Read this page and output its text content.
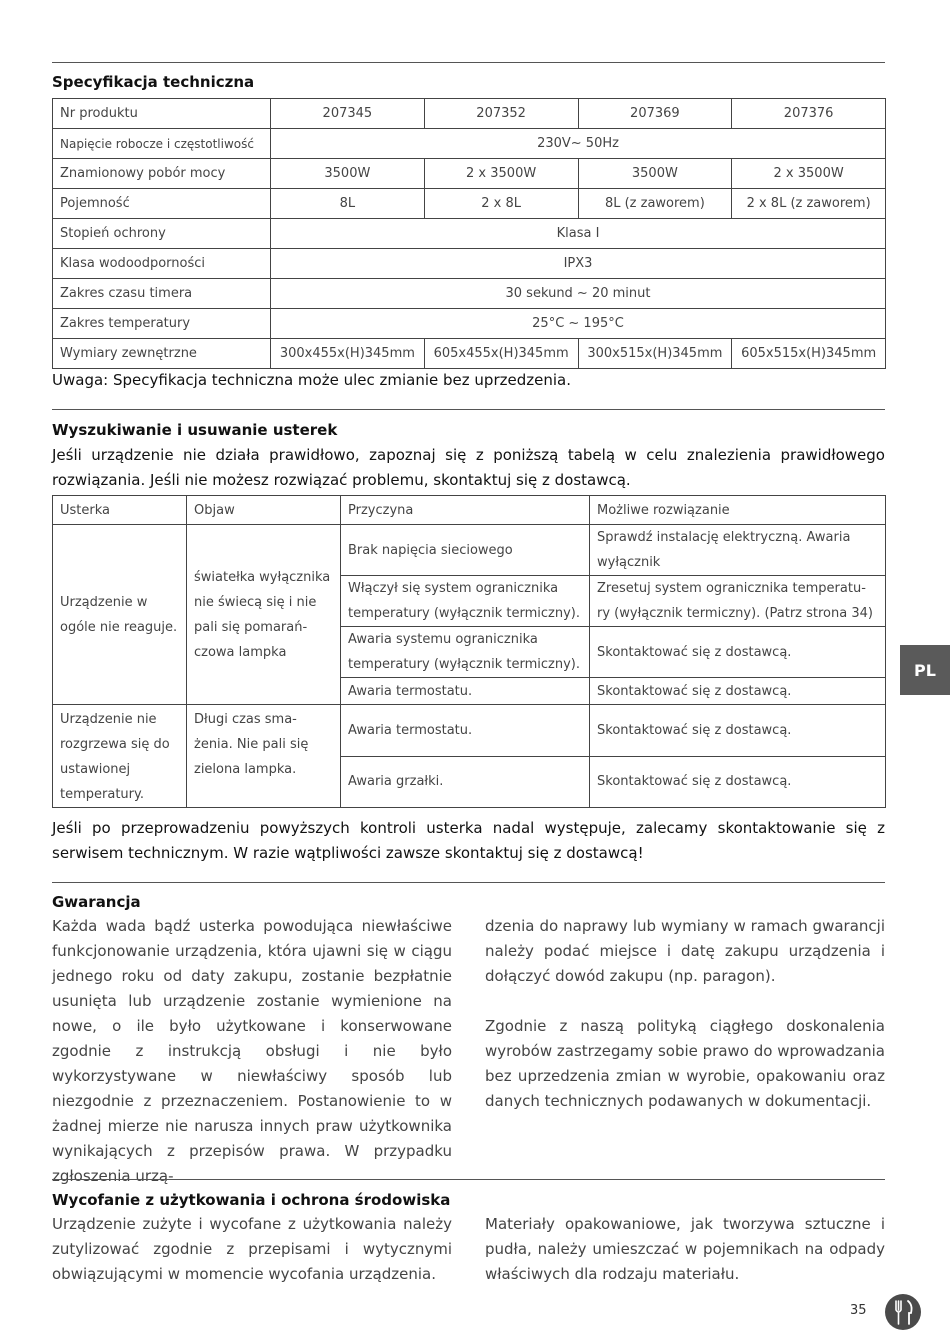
Specyfikacja techniczna
Nr produktu	207345	207352	207369	207376
Napięcie robocze i częstotliwość	230V~ 50Hz			
Znamionowy pobór mocy	3500W	2 x 3500W	3500W	2 x 3500W
Pojemność	8L	2 x 8L	8L (z zaworem)	2 x 8L (z zaworem)
Stopień ochrony	Klasa I			
Klasa wodoodporności	IPX3			
Zakres czasu timera	30 sekund ~ 20 minut			
Zakres temperatury	25°C ~ 195°C			
Wymiary zewnętrzne	300x455x(H)345mm	605x455x(H)345mm	300x515x(H)345mm	605x515x(H)345mm
Uwaga: Specyfikacja techniczna może ulec zmianie bez uprzedzenia.
Wyszukiwanie i usuwanie usterek
Jeśli urządzenie nie działa prawidłowo, zapoznaj się z poniższą tabelą w celu znalezienia prawidłowego rozwiązania. Jeśli nie możesz rozwiązać problemu, skontaktuj się z dostawcą.
Usterka	Objaw	Przyczyna	Możliwe rozwiązanie
Urządzenie w ogóle nie reaguje.	światełka wyłącznika nie świecą się i nie pali się pomarań-czowa lampka	Brak napięcia sieciowego	Sprawdź instalację elektryczną. Awaria wyłącznik
		Włączył się system ogranicznika temperatury (wyłącznik termiczny).	Zresetuj system ogranicznika temperatu-ry (wyłącznik termiczny). (Patrz strona 34)
		Awaria systemu ogranicznika temperatury (wyłącznik termiczny).	Skontaktować się z dostawcą.
		Awaria termostatu.	Skontaktować się z dostawcą.
Urządzenie nie rozgrzewa się do ustawionej temperatury.	Długi czas sma-żenia. Nie pali się zielona lampka.	Awaria termostatu.	Skontaktować się z dostawcą.
		Awaria grzałki.	Skontaktować się z dostawcą.
Jeśli po przeprowadzeniu powyższych kontroli usterka nadal występuje, zalecamy skontaktowanie się z serwisem technicznym. W razie wątpliwości zawsze skontaktuj się z dostawcą!
Gwarancja

Każda wada bądź usterka powodująca niewłaściwe funkcjonowanie urządzenia, która ujawni się w ciągu jednego roku od daty zakupu, zostanie bezpłatnie usunięta lub urządzenie zostanie wymienione na nowe, o ile było użytkowane i konserwowane zgodnie z instrukcją obsługi i nie było wykorzystywane w niewłaściwy sposób lub niezgodnie z przeznaczeniem. Postanowienie to w żadnej mierze nie narusza innych praw użytkownika wynikających z przepisów prawa. W przypadku zgłoszenia urzą-

dzenia do naprawy lub wymiany w ramach gwarancji należy podać miejsce i datę zakupu urządzenia i dołączyć dowód zakupu (np. paragon).

Zgodnie z naszą polityką ciągłego doskonalenia wyrobów zastrzegamy sobie prawo do wprowadzania bez uprzedzenia zmian w wyrobie, opakowaniu oraz danych technicznych podawanych w dokumentacji.

Wycofanie z użytkowania i ochrona środowiska

Urządzenie zużyte i wycofane z użytkowania należy zutylizować zgodnie z przepisami i wytycznymi obwiązującymi w momencie wycofania urządzenia.

Materiały opakowaniowe, jak tworzywa sztuczne i pudła, należy umieszczać w pojemnikach na odpady właściwych dla rodzaju materiału.

PL
35
